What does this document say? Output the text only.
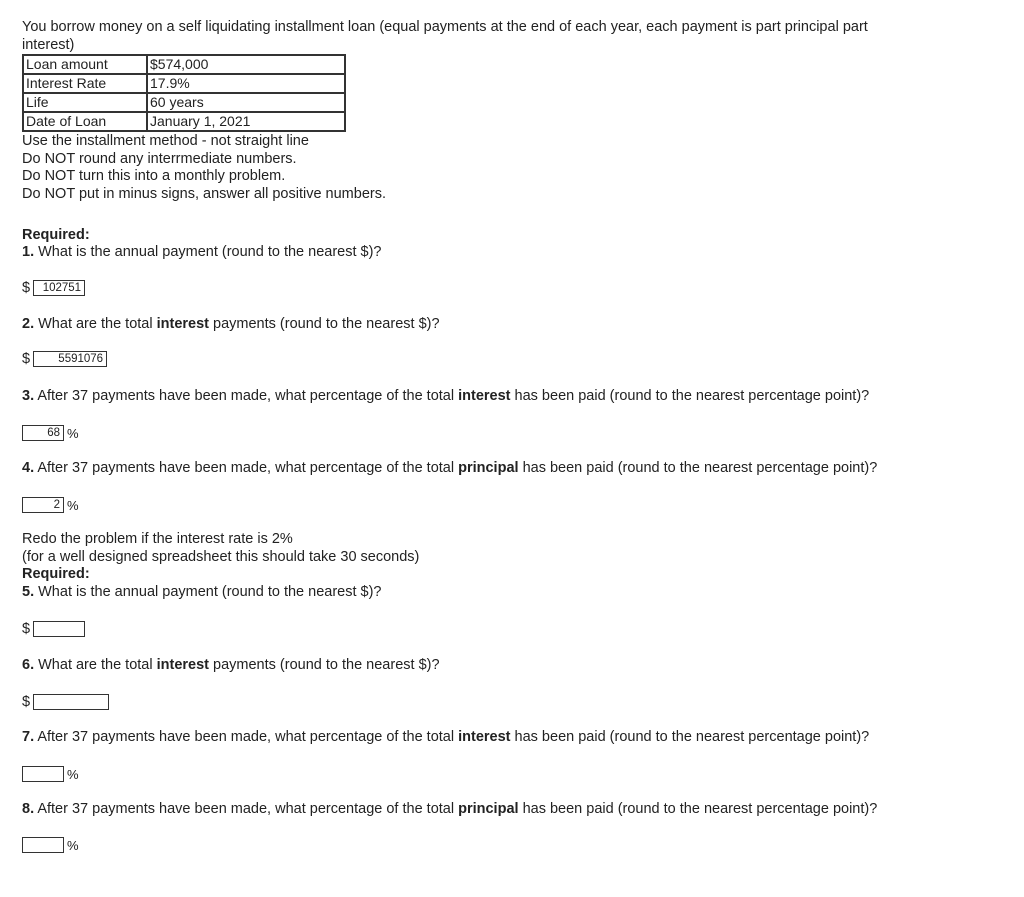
You borrow money on a self liquidating installment loan (equal payments at the end of each year, each payment is part principal part interest)

Loan amount	$574,000
Interest Rate	17.9%
Life	60 years
Date of Loan	January 1, 2021
Use the installment method - not straight line
Do NOT round any interrmediate numbers.
Do NOT turn this into a monthly problem.
Do NOT put in minus signs, answer all positive numbers.
Required:
1. What is the annual payment (round to the nearest $)?
$	102751
2. What are the total interest payments (round to the nearest $)?
$	5591076
3. After 37 payments have been made, what percentage of the total interest has been paid (round to the nearest percentage point)?
68 %
4. After 37 payments have been made, what percentage of the total principal has been paid (round to the nearest percentage point)?
2 %
Redo the problem if the interest rate is 2%
(for a well designed spreadsheet this should take 30 seconds)
Required:
5. What is the annual payment (round to the nearest $)?
$
6. What are the total interest payments (round to the nearest $)?
$
7. After 37 payments have been made, what percentage of the total interest has been paid (round to the nearest percentage point)?
%
8. After 37 payments have been made, what percentage of the total principal has been paid (round to the nearest percentage point)?
%
